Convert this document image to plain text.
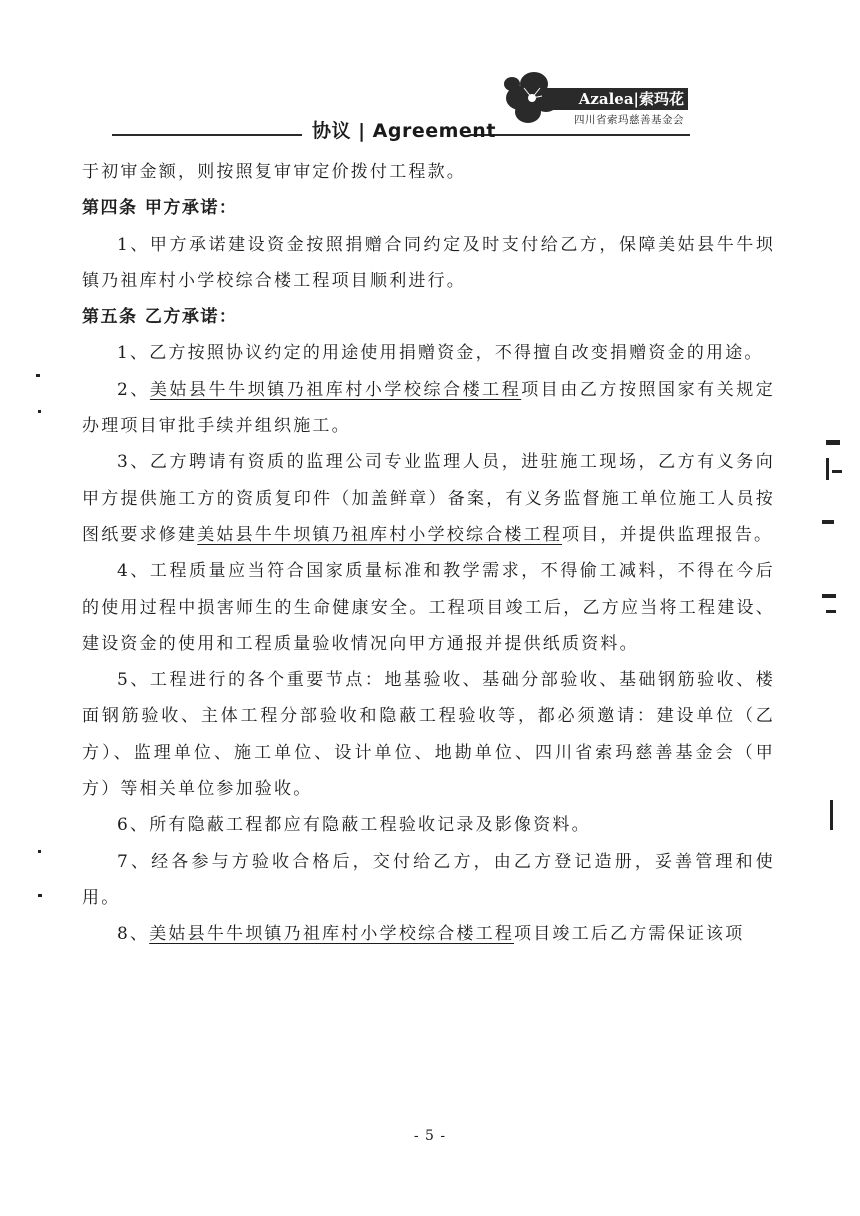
协议 | Agreement
Azalea|索玛花
四川省索玛慈善基金会

于初审金额，则按照复审审定价拨付工程款。

第四条 甲方承诺：

1、甲方承诺建设资金按照捐赠合同约定及时支付给乙方，保障美姑县牛牛坝镇乃祖库村小学校综合楼工程项目顺利进行。

第五条 乙方承诺：

1、乙方按照协议约定的用途使用捐赠资金，不得擅自改变捐赠资金的用途。

2、美姑县牛牛坝镇乃祖库村小学校综合楼工程项目由乙方按照国家有关规定办理项目审批手续并组织施工。

3、乙方聘请有资质的监理公司专业监理人员，进驻施工现场，乙方有义务向甲方提供施工方的资质复印件（加盖鲜章）备案，有义务监督施工单位施工人员按图纸要求修建美姑县牛牛坝镇乃祖库村小学校综合楼工程项目，并提供监理报告。

4、工程质量应当符合国家质量标准和教学需求，不得偷工减料，不得在今后的使用过程中损害师生的生命健康安全。工程项目竣工后，乙方应当将工程建设、建设资金的使用和工程质量验收情况向甲方通报并提供纸质资料。

5、工程进行的各个重要节点：地基验收、基础分部验收、基础钢筋验收、楼面钢筋验收、主体工程分部验收和隐蔽工程验收等，都必须邀请：建设单位（乙方）、监理单位、施工单位、设计单位、地勘单位、四川省索玛慈善基金会（甲方）等相关单位参加验收。

6、所有隐蔽工程都应有隐蔽工程验收记录及影像资料。

7、经各参与方验收合格后，交付给乙方，由乙方登记造册，妥善管理和使用。

8、美姑县牛牛坝镇乃祖库村小学校综合楼工程项目竣工后乙方需保证该项

- 5 -
